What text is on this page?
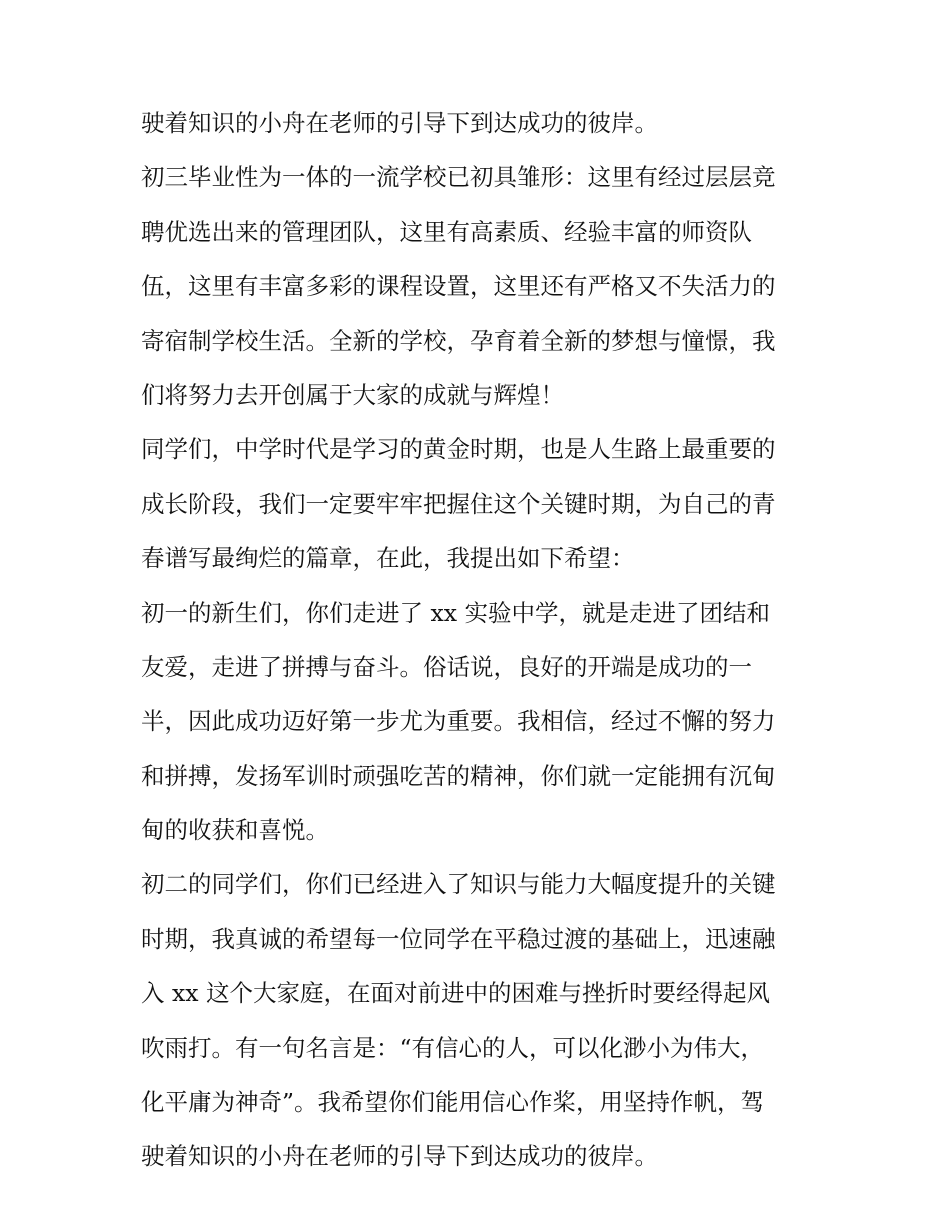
驶着知识的小舟在老师的引导下到达成功的彼岸。
初三毕业性为一体的一流学校已初具雏形：这里有经过层层竞
聘优选出来的管理团队，这里有高素质、经验丰富的师资队
伍，这里有丰富多彩的课程设置，这里还有严格又不失活力的
寄宿制学校生活。全新的学校，孕育着全新的梦想与憧憬，我
们将努力去开创属于大家的成就与辉煌！
同学们，中学时代是学习的黄金时期，也是人生路上最重要的
成长阶段，我们一定要牢牢把握住这个关键时期，为自己的青
春谱写最绚烂的篇章，在此，我提出如下希望：
初一的新生们，你们走进了 xx 实验中学，就是走进了团结和
友爱，走进了拼搏与奋斗。俗话说，良好的开端是成功的一
半，因此成功迈好第一步尤为重要。我相信，经过不懈的努力
和拼搏，发扬军训时顽强吃苦的精神，你们就一定能拥有沉甸
甸的收获和喜悦。
初二的同学们，你们已经进入了知识与能力大幅度提升的关键
时期，我真诚的希望每一位同学在平稳过渡的基础上，迅速融
入 xx 这个大家庭，在面对前进中的困难与挫折时要经得起风
吹雨打。有一句名言是：“有信心的人，可以化渺小为伟大，
化平庸为神奇”。我希望你们能用信心作桨，用坚持作帆，驾
驶着知识的小舟在老师的引导下到达成功的彼岸。
